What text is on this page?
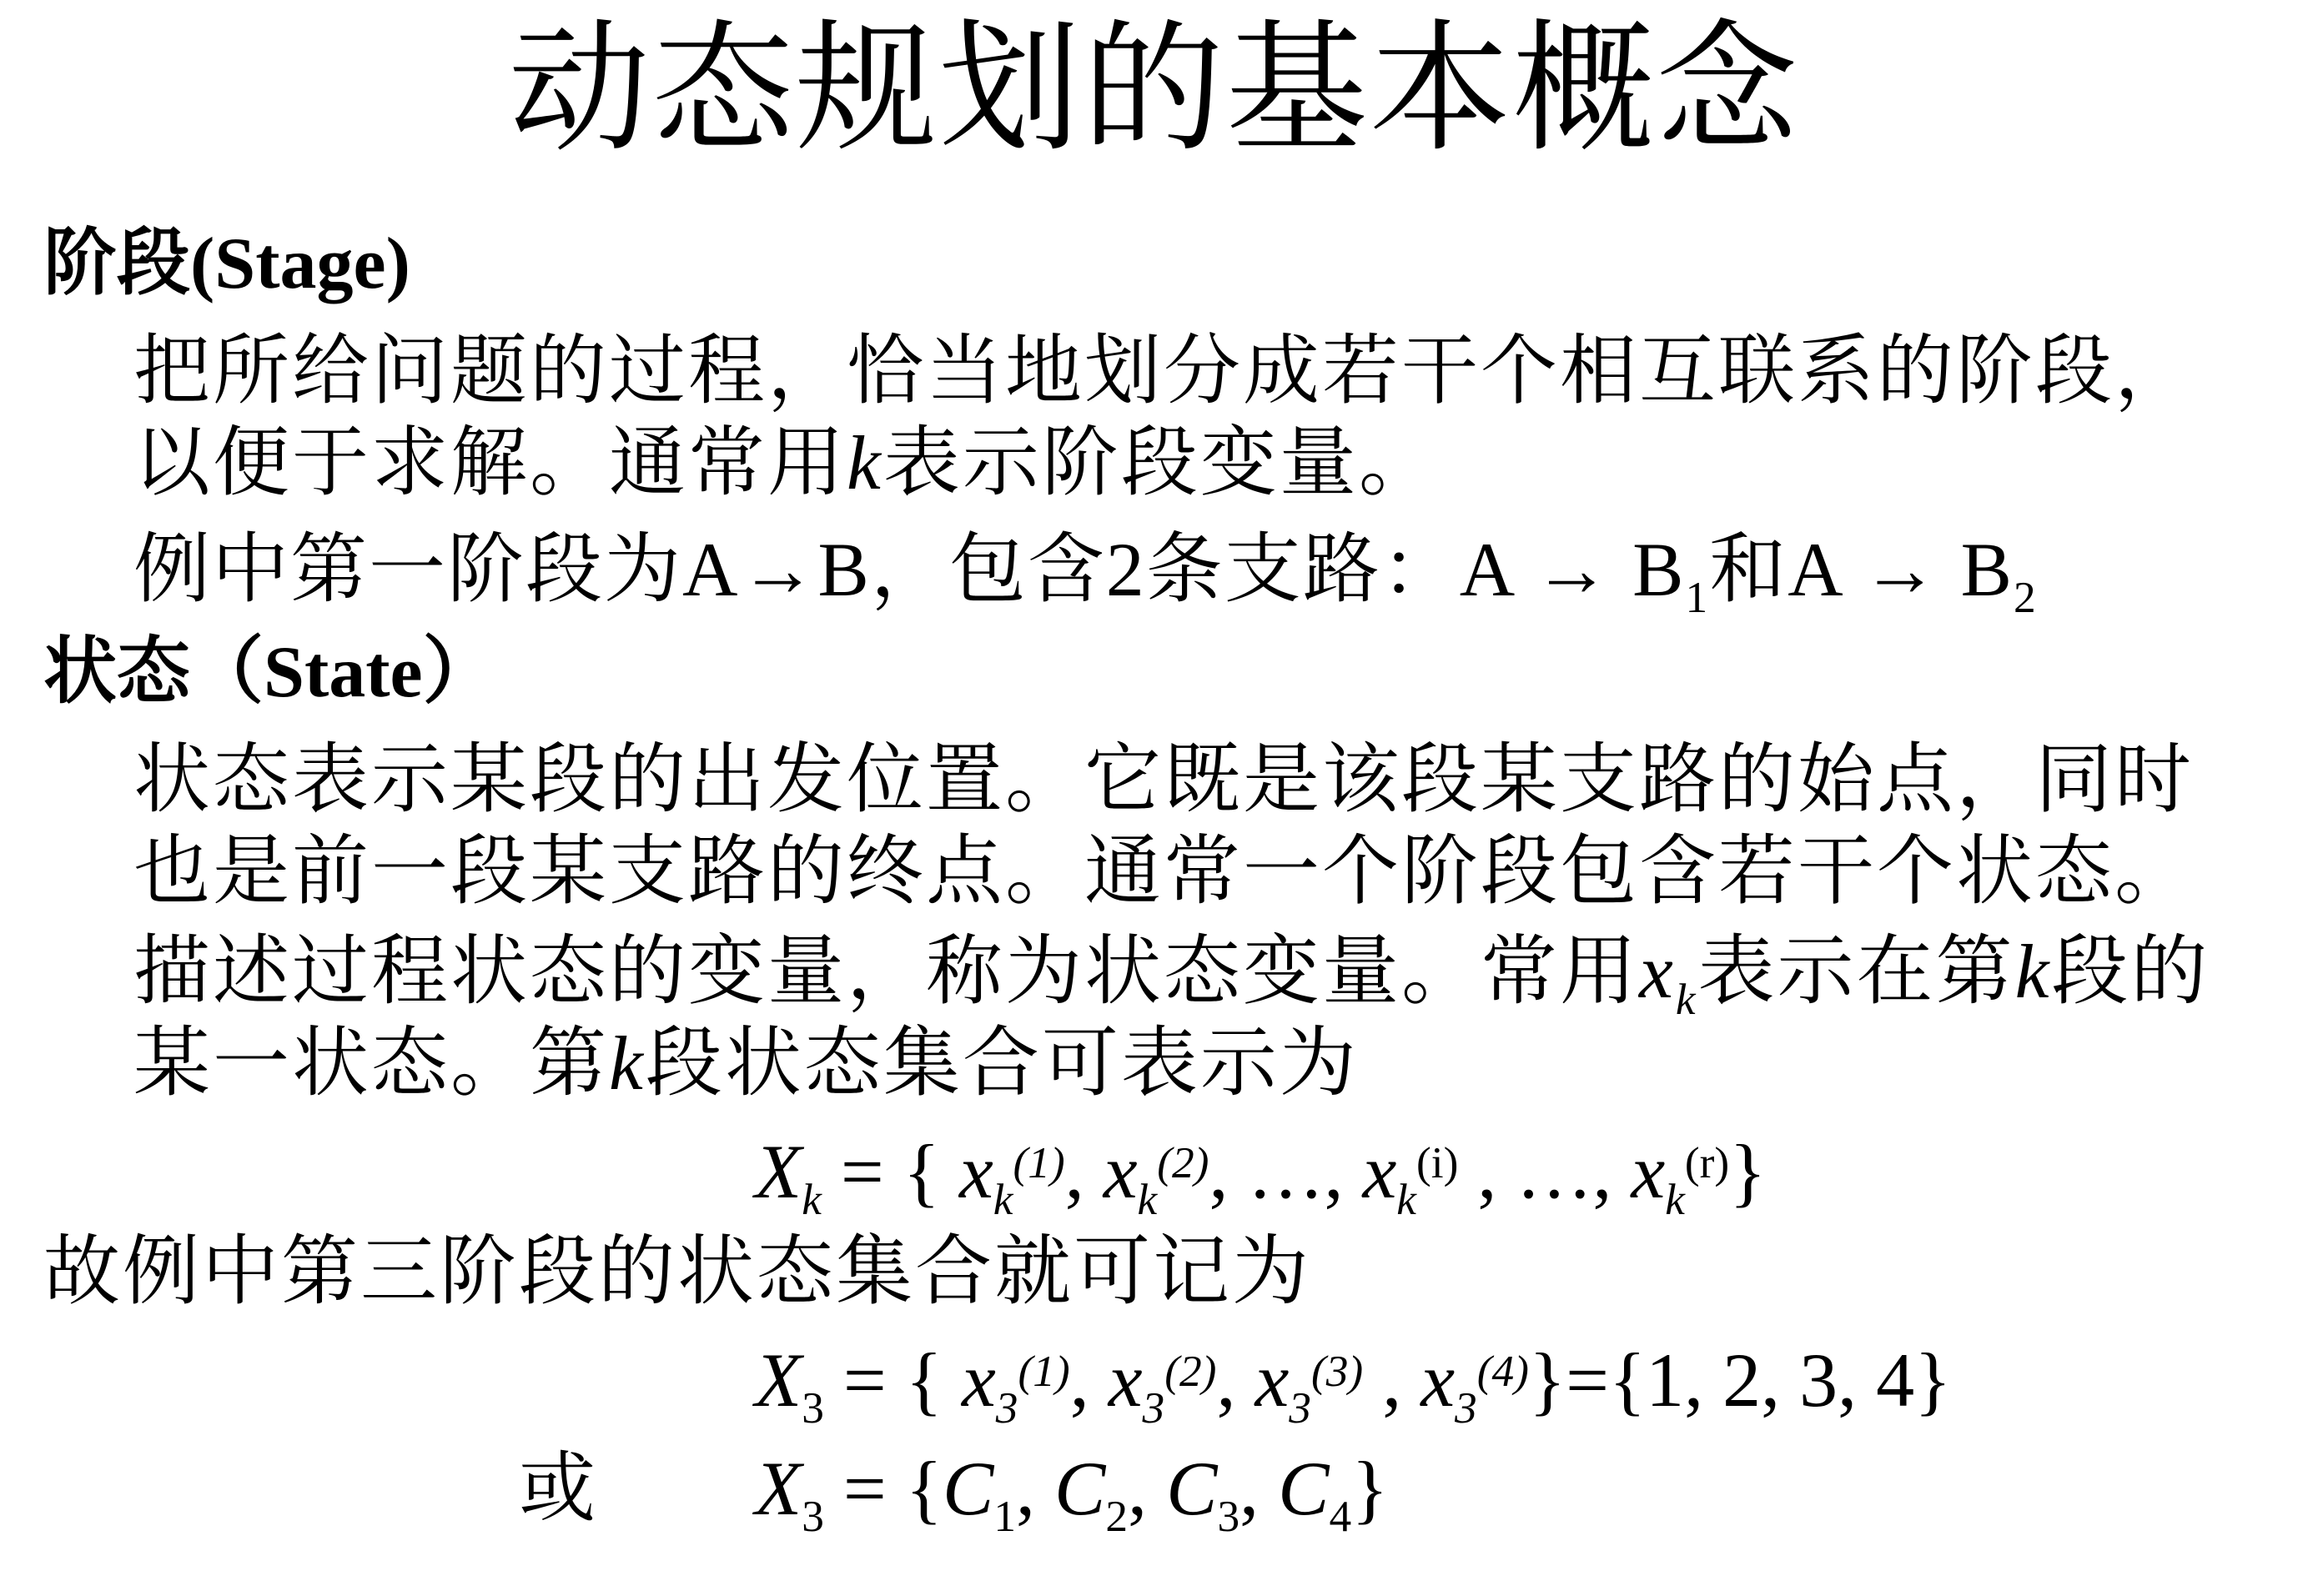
动态规划的基本概念
阶段(Stage)
把所给问题的过程，恰当地划分成若干个相互联系的阶段，
以便于求解。通常用k表示阶段变量。
例中第一阶段为A→B，包含2条支路：$A \to B_1$和$A \to B_2$
状态（State）
状态表示某段的出发位置。它既是该段某支路的始点，同时
也是前一段某支路的终点。通常一个阶段包含若干个状态。
描述过程状态的变量，称为状态变量。常用$x_k$表示在第k段的
某一状态。第k段状态集合可表示为
$X_k$ = { $x_k^{(1)}$, $x_k^{(2)}$, …, $x_k^{(i)}$ , …, $x_k^{(r)}$}
故例中第三阶段的状态集合就可记为
$X_3$ = { $x_3^{(1)}$, $x_3^{(2)}$, $x_3^{(3)}$ , $x_3^{(4)}\}=\{1$, 2, 3, 4}
或 $X_3 = \{C_1$, $C_2$, $C_3$, $C_4$}
